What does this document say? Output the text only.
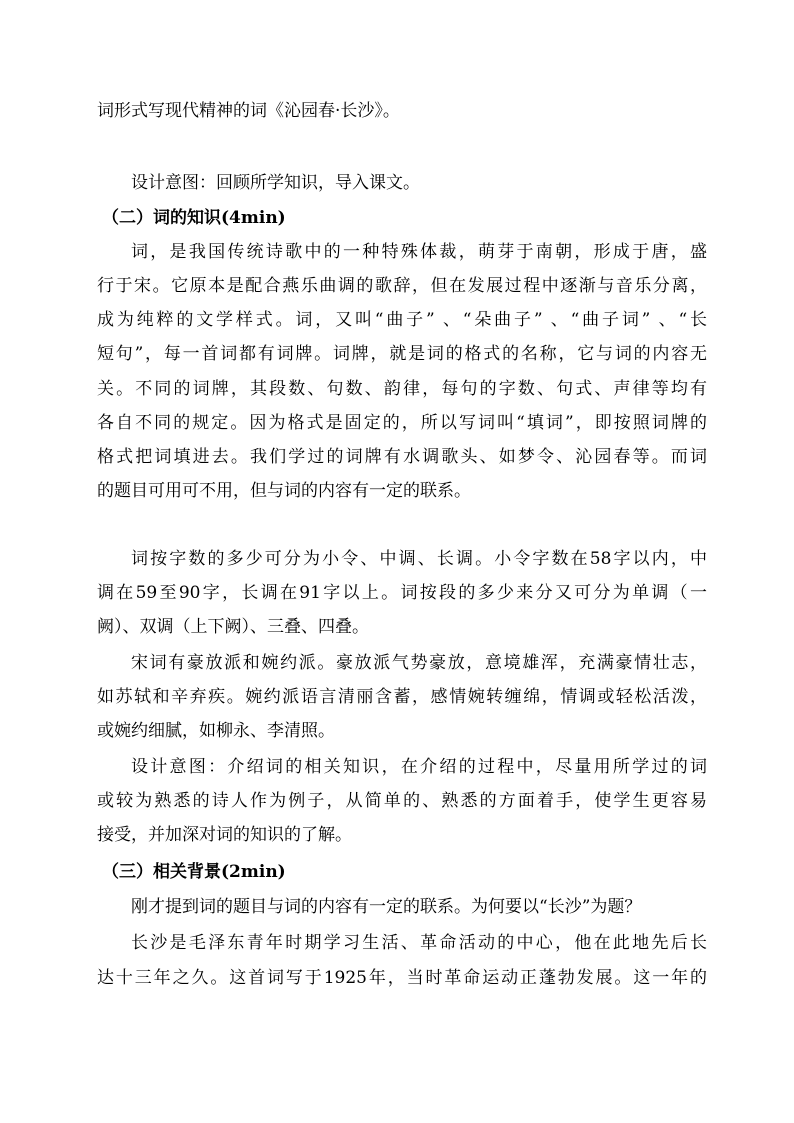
词形式写现代精神的词《沁园春·长沙》。
设计意图：回顾所学知识，导入课文。
（二）词的知识(4min)
词，是我国传统诗歌中的一种特殊体裁，萌芽于南朝，形成于唐，盛
行于宋。它原本是配合燕乐曲调的歌辞，但在发展过程中逐渐与音乐分离，
成为纯粹的文学样式。词，又叫“曲子” 、“朵曲子” 、“曲子词” 、“长
短句”，每一首词都有词牌。词牌，就是词的格式的名称，它与词的内容无
关。不同的词牌，其段数、句数、韵律，每句的字数、句式、声律等均有
各自不同的规定。因为格式是固定的，所以写词叫“填词”，即按照词牌的
格式把词填进去。我们学过的词牌有水调歌头、如梦令、沁园春等。而词
的题目可用可不用，但与词的内容有一定的联系。
词按字数的多少可分为小令、中调、长调。小令字数在58字以内，中
调在59至90字，长调在91字以上。词按段的多少来分又可分为单调（一
阙）、双调（上下阙）、三叠、四叠。
宋词有豪放派和婉约派。豪放派气势豪放，意境雄浑，充满豪情壮志，
如苏轼和辛弃疾。婉约派语言清丽含蓄，感情婉转缠绵，情调或轻松活泼，
或婉约细腻，如柳永、李清照。
设计意图：介绍词的相关知识，在介绍的过程中，尽量用所学过的词
或较为熟悉的诗人作为例子，从简单的、熟悉的方面着手，使学生更容易
接受，并加深对词的知识的了解。
（三）相关背景(2min)
刚才提到词的题目与词的内容有一定的联系。为何要以“长沙”为题？
长沙是毛泽东青年时期学习生活、革命活动的中心，他在此地先后长
达十三年之久。这首词写于1925年，当时革命运动正蓬勃发展。这一年的
